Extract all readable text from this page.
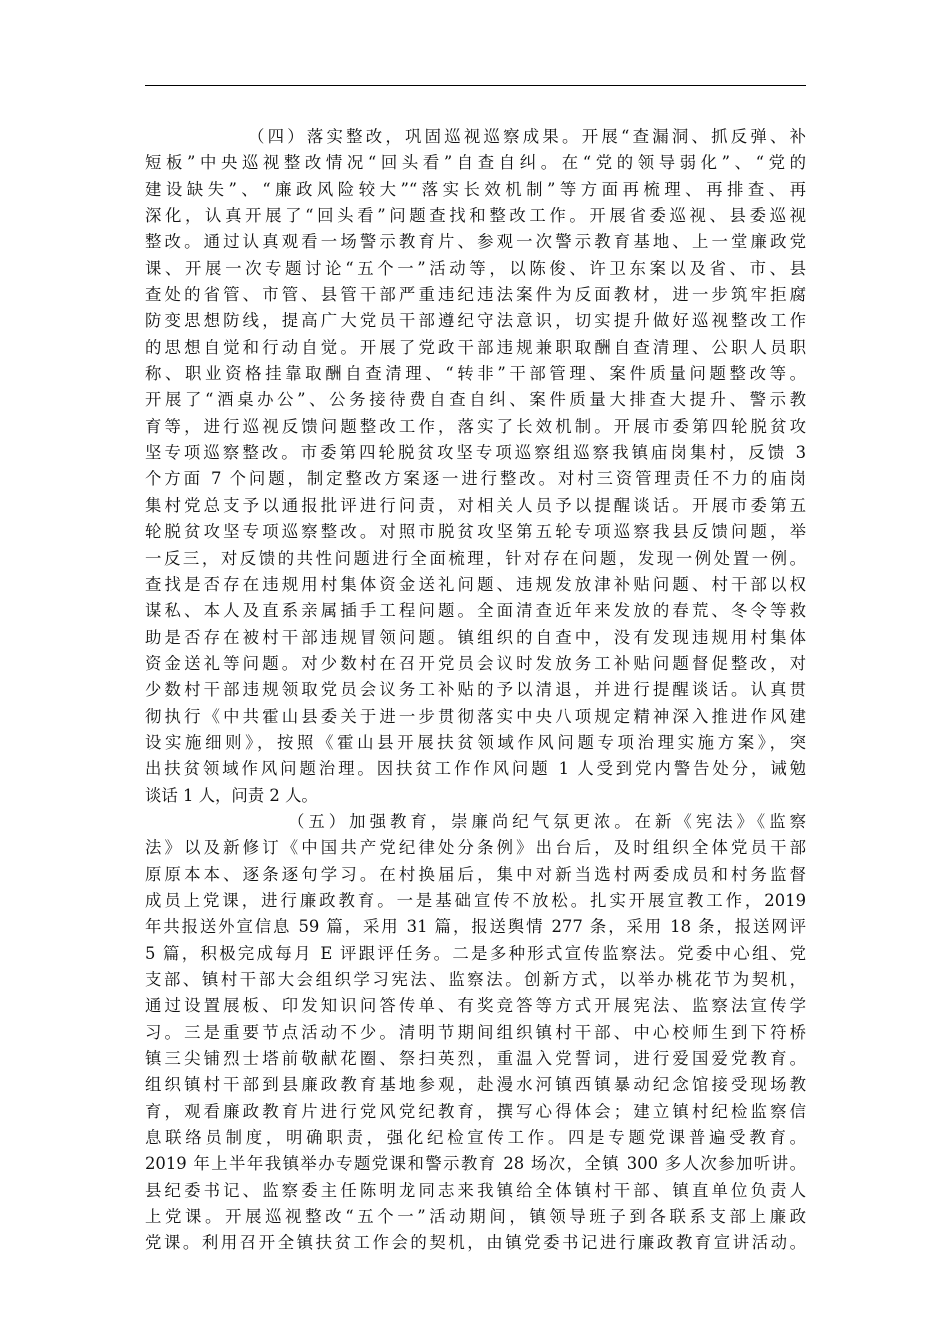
（四）落实整改，巩固巡视巡察成果。开展“查漏洞、抓反弹、补
短板”中央巡视整改情况“回头看”自查自纠。在“党的领导弱化”、“党的
建设缺失”、“廉政风险较大”“落实长效机制”等方面再梳理、再排查、再
深化，认真开展了“回头看”问题查找和整改工作。开展省委巡视、县委巡视
整改。通过认真观看一场警示教育片、参观一次警示教育基地、上一堂廉政党
课、开展一次专题讨论“五个一”活动等，以陈俊、许卫东案以及省、市、县
查处的省管、市管、县管干部严重违纪违法案件为反面教材，进一步筑牢拒腐
防变思想防线，提高广大党员干部遵纪守法意识，切实提升做好巡视整改工作
的思想自觉和行动自觉。开展了党政干部违规兼职取酬自查清理、公职人员职
称、职业资格挂靠取酬自查清理、“转非”干部管理、案件质量问题整改等。
开展了“酒桌办公”、公务接待费自查自纠、案件质量大排查大提升、警示教
育等，进行巡视反馈问题整改工作，落实了长效机制。开展市委第四轮脱贫攻
坚专项巡察整改。市委第四轮脱贫攻坚专项巡察组巡察我镇庙岗集村，反馈 3
个方面 7 个问题，制定整改方案逐一进行整改。对村三资管理责任不力的庙岗
集村党总支予以通报批评进行问责，对相关人员予以提醒谈话。开展市委第五
轮脱贫攻坚专项巡察整改。对照市脱贫攻坚第五轮专项巡察我县反馈问题，举
一反三，对反馈的共性问题进行全面梳理，针对存在问题，发现一例处置一例。
查找是否存在违规用村集体资金送礼问题、违规发放津补贴问题、村干部以权
谋私、本人及直系亲属插手工程问题。全面清查近年来发放的春荒、冬令等救
助是否存在被村干部违规冒领问题。镇组织的自查中，没有发现违规用村集体
资金送礼等问题。对少数村在召开党员会议时发放务工补贴问题督促整改，对
少数村干部违规领取党员会议务工补贴的予以清退，并进行提醒谈话。认真贯
彻执行《中共霍山县委关于进一步贯彻落实中央八项规定精神深入推进作风建
设实施细则》，按照《霍山县开展扶贫领域作风问题专项治理实施方案》，突
出扶贫领域作风问题治理。因扶贫工作作风问题 1 人受到党内警告处分，诫勉
谈话 1 人，问责 2 人。
（五）加强教育，崇廉尚纪气氛更浓。在新《宪法》《监察
法》以及新修订《中国共产党纪律处分条例》出台后，及时组织全体党员干部
原原本本、逐条逐句学习。在村换届后，集中对新当选村两委成员和村务监督
成员上党课，进行廉政教育。一是基础宣传不放松。扎实开展宣教工作，2019
年共报送外宣信息 59 篇，采用 31 篇，报送舆情 277 条，采用 18 条，报送网评
5 篇，积极完成每月 E 评跟评任务。二是多种形式宣传监察法。党委中心组、党
支部、镇村干部大会组织学习宪法、监察法。创新方式，以举办桃花节为契机，
通过设置展板、印发知识问答传单、有奖竞答等方式开展宪法、监察法宣传学
习。三是重要节点活动不少。清明节期间组织镇村干部、中心校师生到下符桥
镇三尖铺烈士塔前敬献花圈、祭扫英烈，重温入党誓词，进行爱国爱党教育。
组织镇村干部到县廉政教育基地参观，赴漫水河镇西镇暴动纪念馆接受现场教
育，观看廉政教育片进行党风党纪教育，撰写心得体会；建立镇村纪检监察信
息联络员制度，明确职责，强化纪检宣传工作。四是专题党课普遍受教育。
2019 年上半年我镇举办专题党课和警示教育 28 场次，全镇 300 多人次参加听讲。
县纪委书记、监察委主任陈明龙同志来我镇给全体镇村干部、镇直单位负责人
上党课。开展巡视整改“五个一”活动期间，镇领导班子到各联系支部上廉政
党课。利用召开全镇扶贫工作会的契机，由镇党委书记进行廉政教育宣讲活动。
